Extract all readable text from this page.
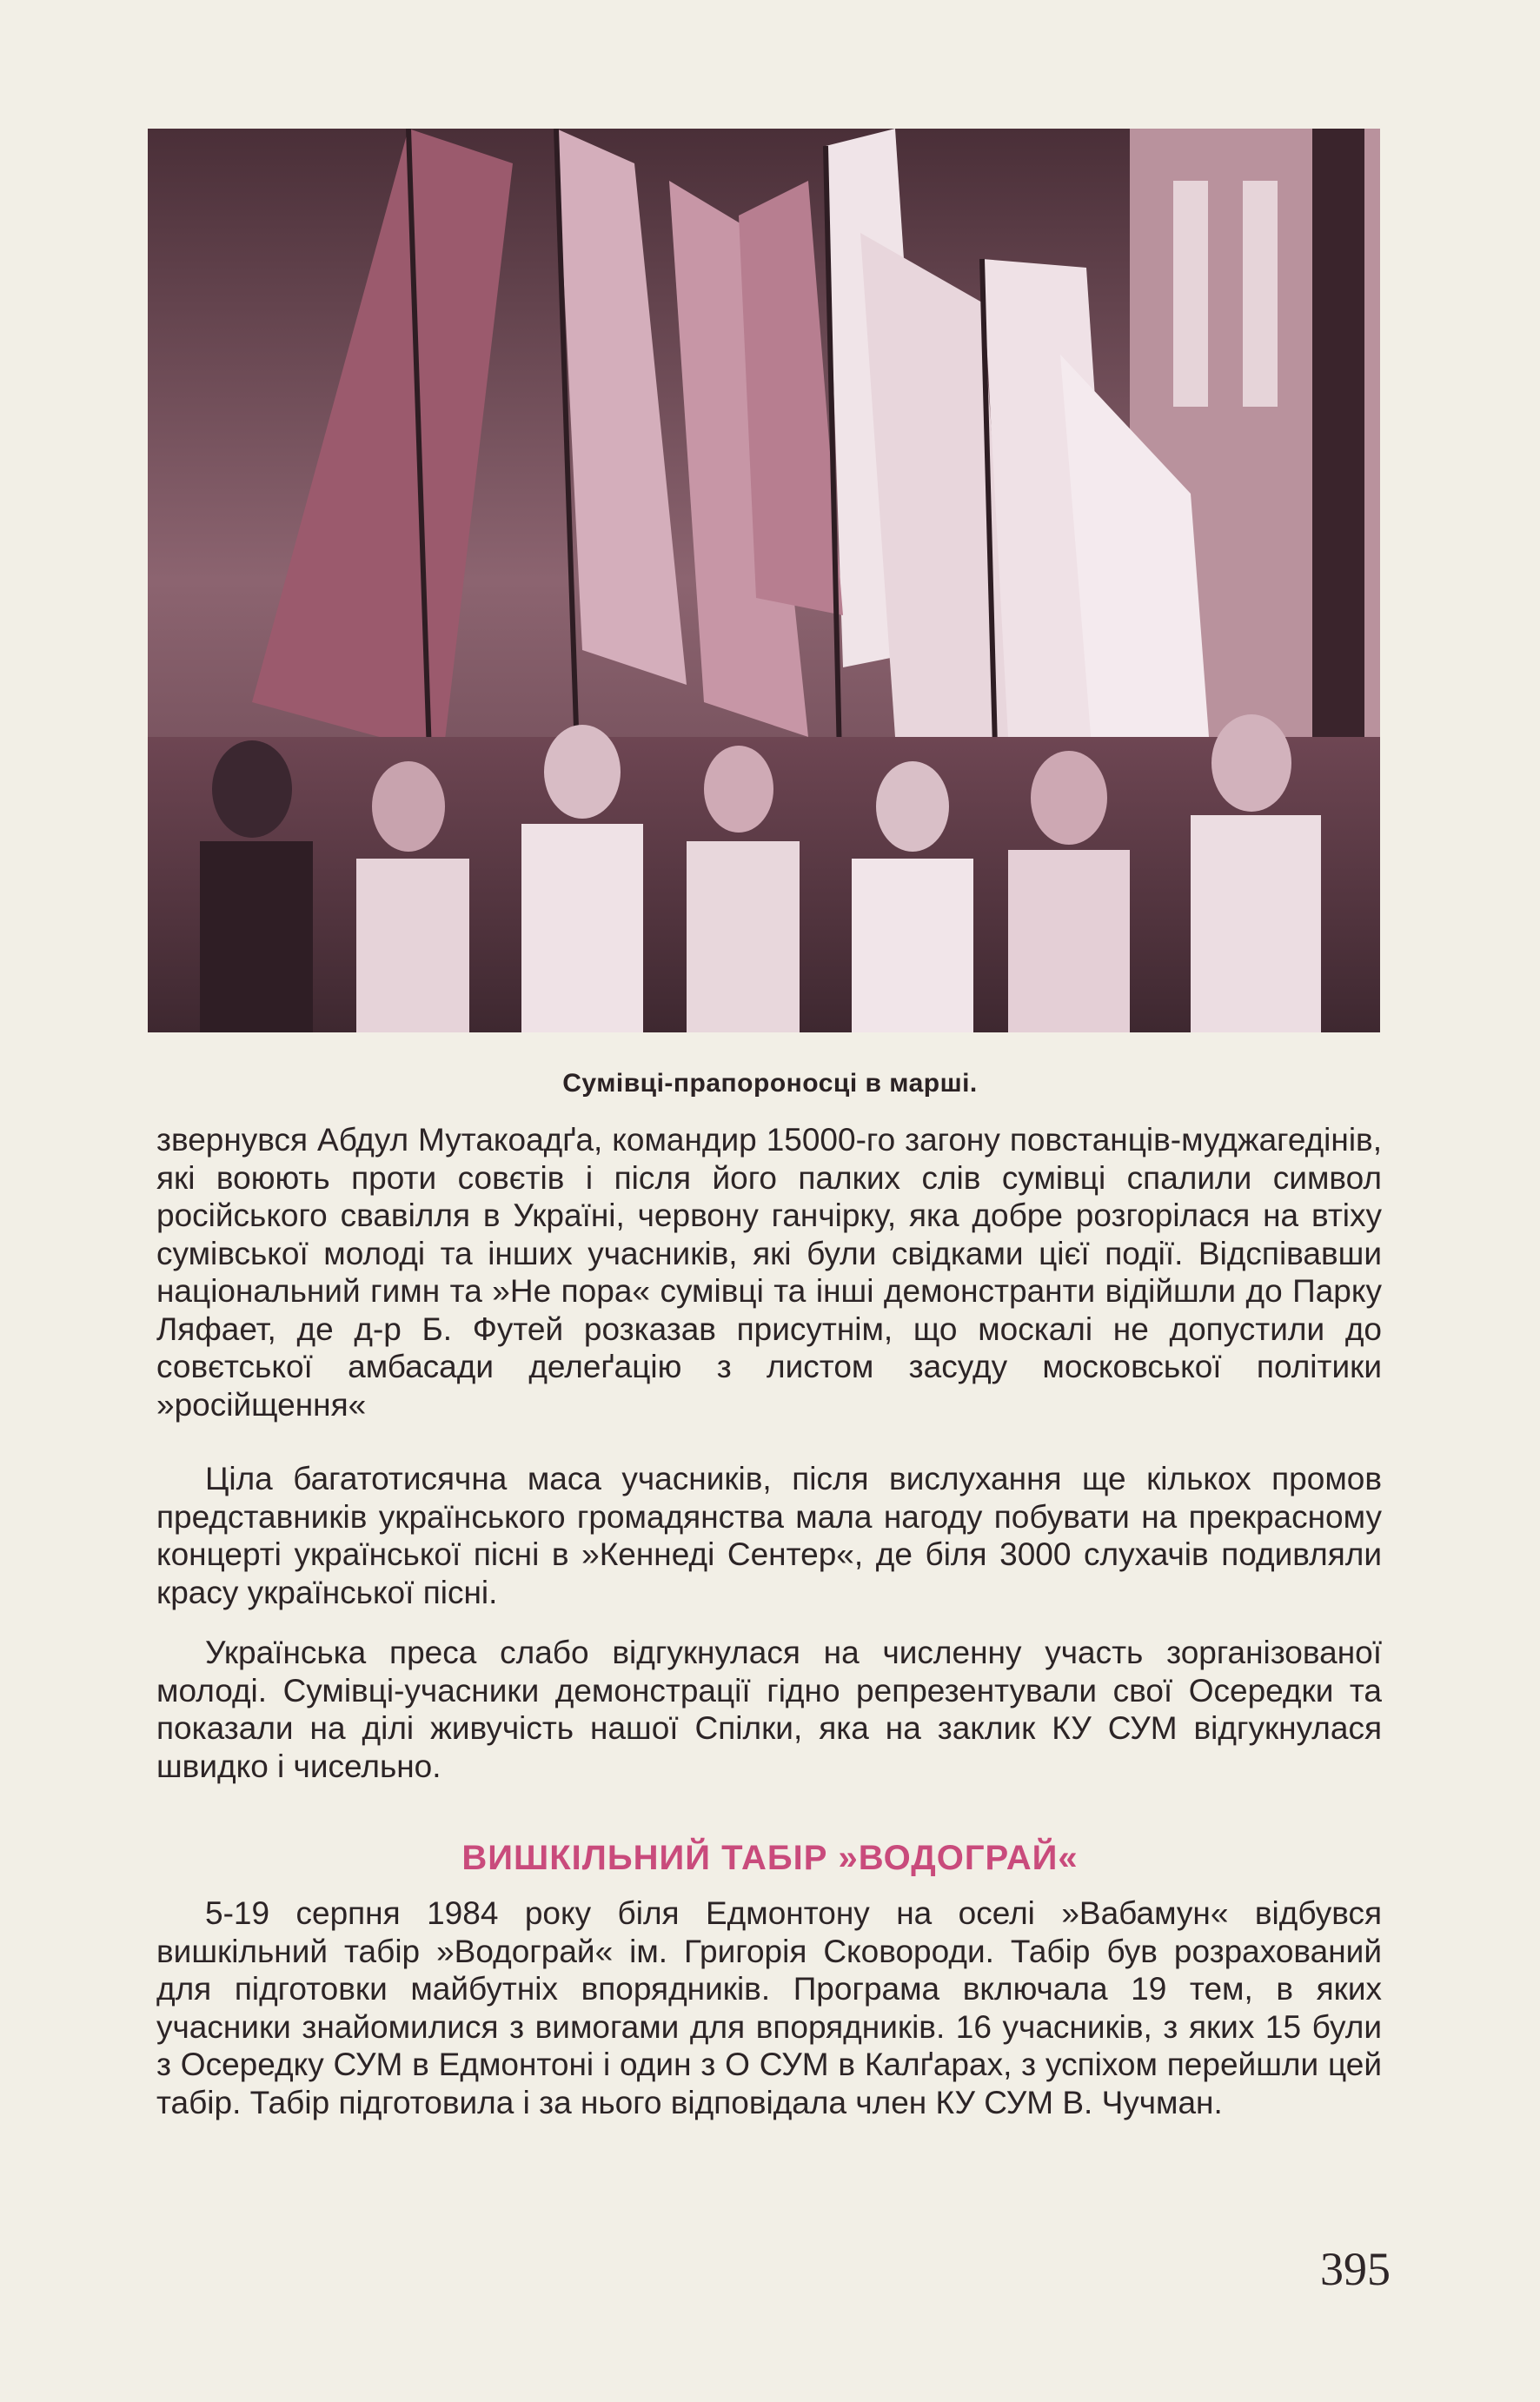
Сумівці-прапороносці в марші.

звернувся Абдул Мутакоадґа, командир 15000-го загону повстанців-муджагедінів, які воюють проти совєтів і після його палких слів сумівці спалили символ російського свавілля в Україні, червону ганчірку, яка добре розгорілася на втіху сумівської молоді та інших учасників, які були свідками цієї події. Відспівавши національний гимн та »Не пора« сумівці та інші демонстранти відійшли до Парку Ляфает, де д-р Б. Футей розказав присутнім, що москалі не допустили до совєтської амбасади делеґацію з листом засуду московської політики »російщення«

Ціла багатотисячна маса учасників, після вислухання ще кількох промов представників українського громадянства мала нагоду побувати на прекрасному концерті української пісні в »Кеннеді Сентер«, де біля 3000 слухачів подивляли красу української пісні.

Українська преса слабо відгукнулася на численну участь зорганізованої молоді. Сумівці-учасники демонстрації гідно репрезентували свої Осередки та показали на ділі живучість нашої Спілки, яка на заклик КУ СУМ відгукнулася швидко і чисельно.

ВИШКІЛЬНИЙ ТАБІР »ВОДОГРАЙ«

5-19 серпня 1984 року біля Едмонтону на оселі »Вабамун« відбувся вишкільний табір »Водограй« ім. Григорія Сковороди. Табір був розрахований для підготовки майбутніх впорядників. Програма включала 19 тем, в яких учасники знайомилися з вимогами для впорядників. 16 учасників, з яких 15 були з Осередку СУМ в Едмонтоні і один з О СУМ в Калґарах, з успіхом перейшли цей табір. Табір підготовила і за нього відповідала член КУ СУМ В. Чучман.

395
